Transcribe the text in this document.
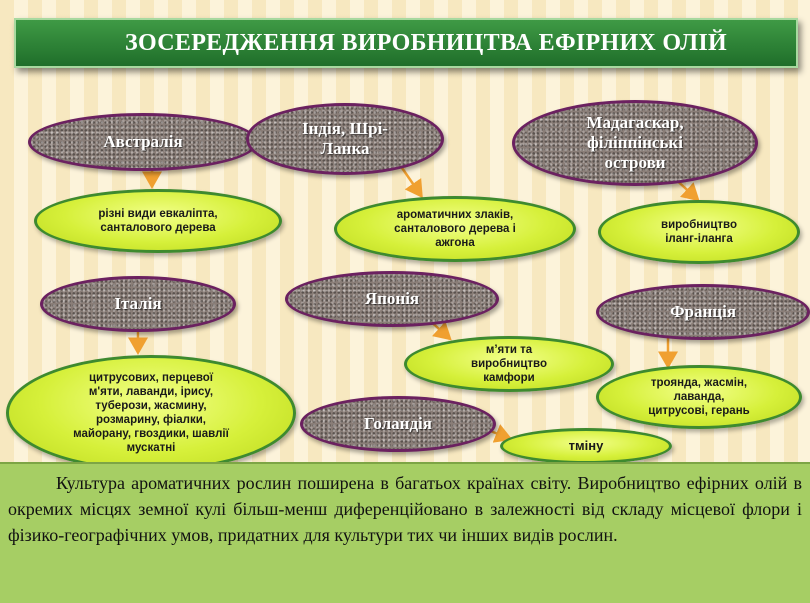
ЗОСЕРЕДЖЕННЯ ВИРОБНИЦТВА ЕФІРНИХ ОЛІЙ
Австралія
Індія, Шрі-
Ланка
Мадагаскар,
філіппінські
острови
Італія	Японія
Франція
Голандія
різні види евкаліпта,
санталового дерева
ароматичних злаків,
санталового дерева і
ажгона
виробництво
іланг-іланга
цитрусових, перцевої
м'яти, лаванди, ірису,
туберози, жасмину,
розмарину, фіалки,
майорану, гвоздики, шавлії
мускатні
м’яти та
виробництво
камфори	троянда, жасмін,
лаванда,
цитрусові, герань
тміну
Культура ароматичних рослин поширена в багатьох країнах світу. Виробництво ефірних олій в окремих місцях земної кулі більш-менш диференційовано в залежності від складу місцевої флори і фізико-географічних умов, придатних для культури тих чи інших видів рослин.
